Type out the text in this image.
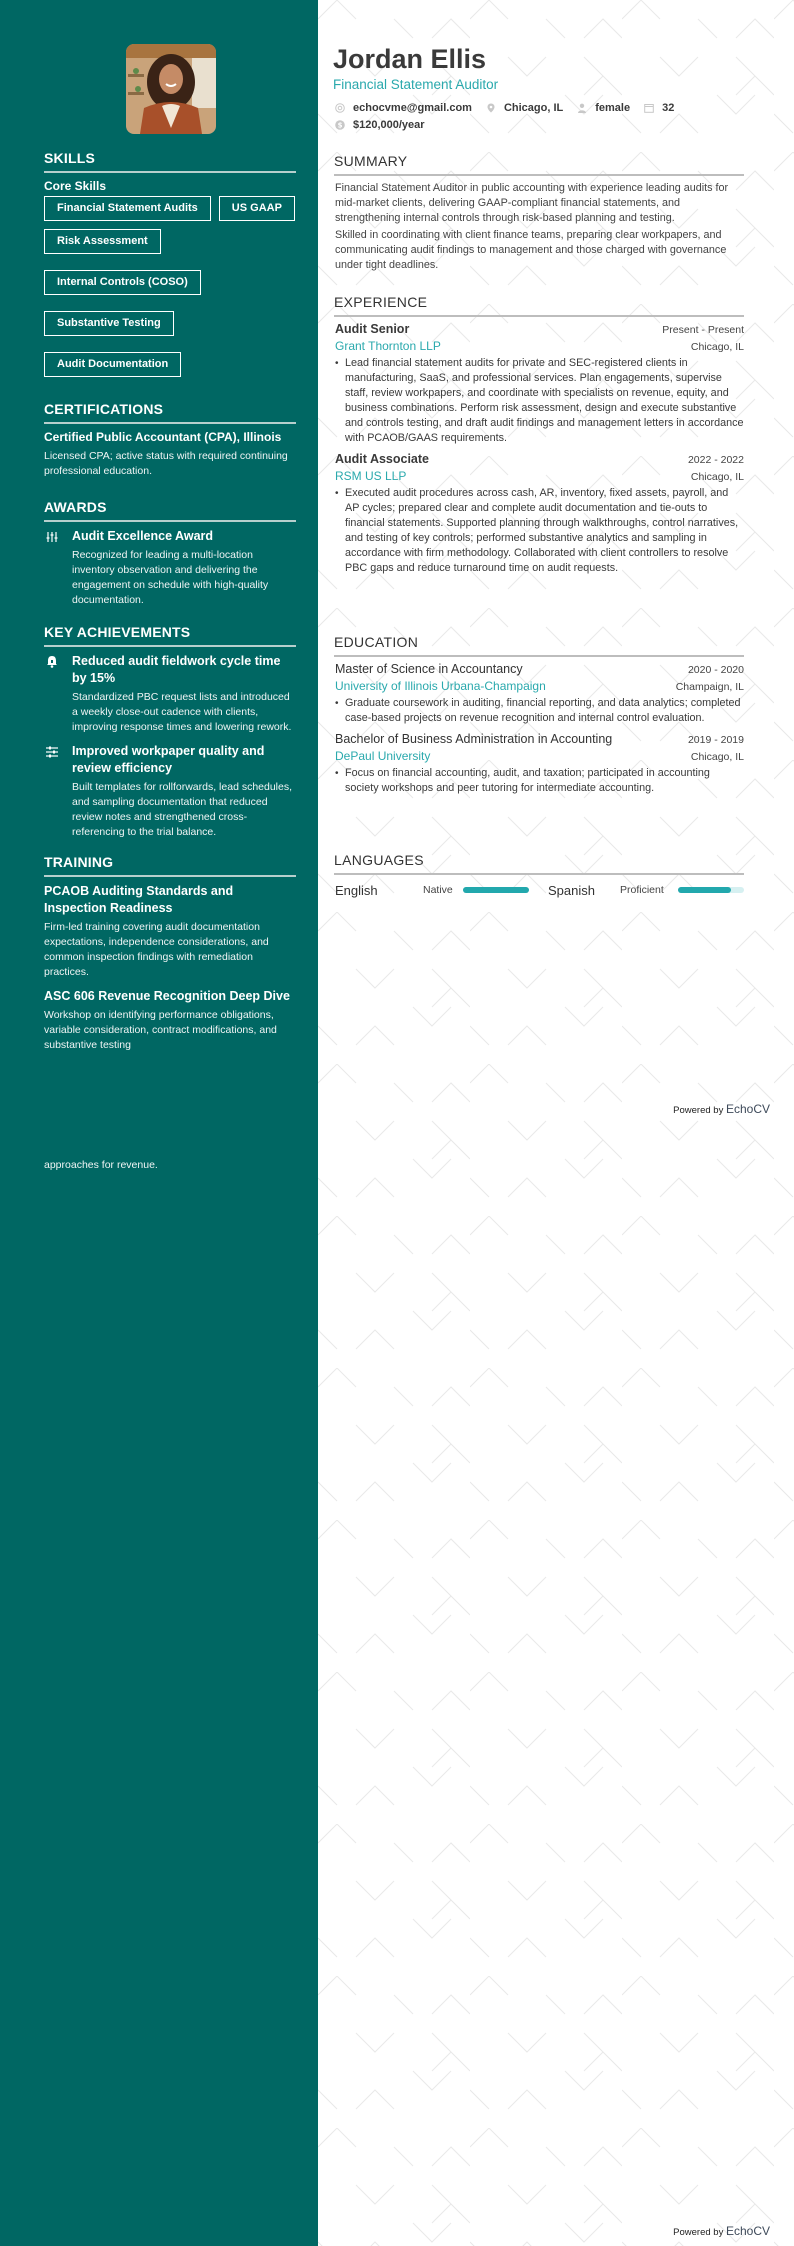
SKILLS
Core Skills
Financial Statement Audits	US GAAP
Risk Assessment
Internal Controls (COSO)
Substantive Testing
Audit Documentation
CERTIFICATIONS
Certified Public Accountant (CPA), Illinois
Licensed CPA; active status with required continuing professional education.
AWARDS
Audit Excellence Award
Recognized for leading a multi-location inventory observation and delivering the engagement on schedule with high-quality documentation.
KEY ACHIEVEMENTS
Reduced audit fieldwork cycle time by 15%
Standardized PBC request lists and introduced a weekly close-out cadence with clients, improving response times and lowering rework.
Improved workpaper quality and review efficiency
Built templates for rollforwards, lead schedules, and sampling documentation that reduced review notes and strengthened cross-referencing to the trial balance.
TRAINING
PCAOB Auditing Standards and Inspection Readiness
Firm-led training covering audit documentation expectations, independence considerations, and common inspection findings with remediation practices.
ASC 606 Revenue Recognition Deep Dive
Workshop on identifying performance obligations, variable consideration, contract modifications, and substantive testing
approaches for revenue.
Jordan Ellis
Financial Statement Auditor
echocvme@gmail.com	Chicago, IL	female	32
$ $120,000/year
SUMMARY

Financial Statement Auditor in public accounting with experience leading audits for mid-market clients, delivering GAAP-compliant financial statements, and strengthening internal controls through risk-based planning and testing.

Skilled in coordinating with client finance teams, preparing clear workpapers, and communicating audit findings to management and those charged with governance under tight deadlines.

EXPERIENCE
Audit Senior	Present - Present
Grant Thornton LLP	Chicago, IL
• Lead financial statement audits for private and SEC-registered clients in manufacturing, SaaS, and professional services. Plan engagements, supervise staff, review workpapers, and coordinate with specialists on revenue, equity, and business combinations. Perform risk assessment, design and execute substantive and controls testing, and draft audit findings and management letters in accordance with PCAOB/GAAS requirements.
Audit Associate	2022 - 2022
RSM US LLP	Chicago, IL
• Executed audit procedures across cash, AR, inventory, fixed assets, payroll, and AP cycles; prepared clear and complete audit documentation and tie-outs to financial statements. Supported planning through walkthroughs, control narratives, and testing of key controls; performed substantive analytics and sampling in accordance with firm methodology. Collaborated with client controllers to resolve PBC gaps and reduce turnaround time on audit requests.
EDUCATION
Master of Science in Accountancy	2020 - 2020
University of Illinois Urbana-Champaign	Champaign, IL
• Graduate coursework in auditing, financial reporting, and data analytics; completed case-based projects on revenue recognition and internal control evaluation.
Bachelor of Business Administration in Accounting	2019 - 2019
DePaul University	Chicago, IL
• Focus on financial accounting, audit, and taxation; participated in accounting society workshops and peer tutoring for intermediate accounting.
LANGUAGES
English	Native	Spanish	Proficient
Powered by EchoCV
Powered by EchoCV
